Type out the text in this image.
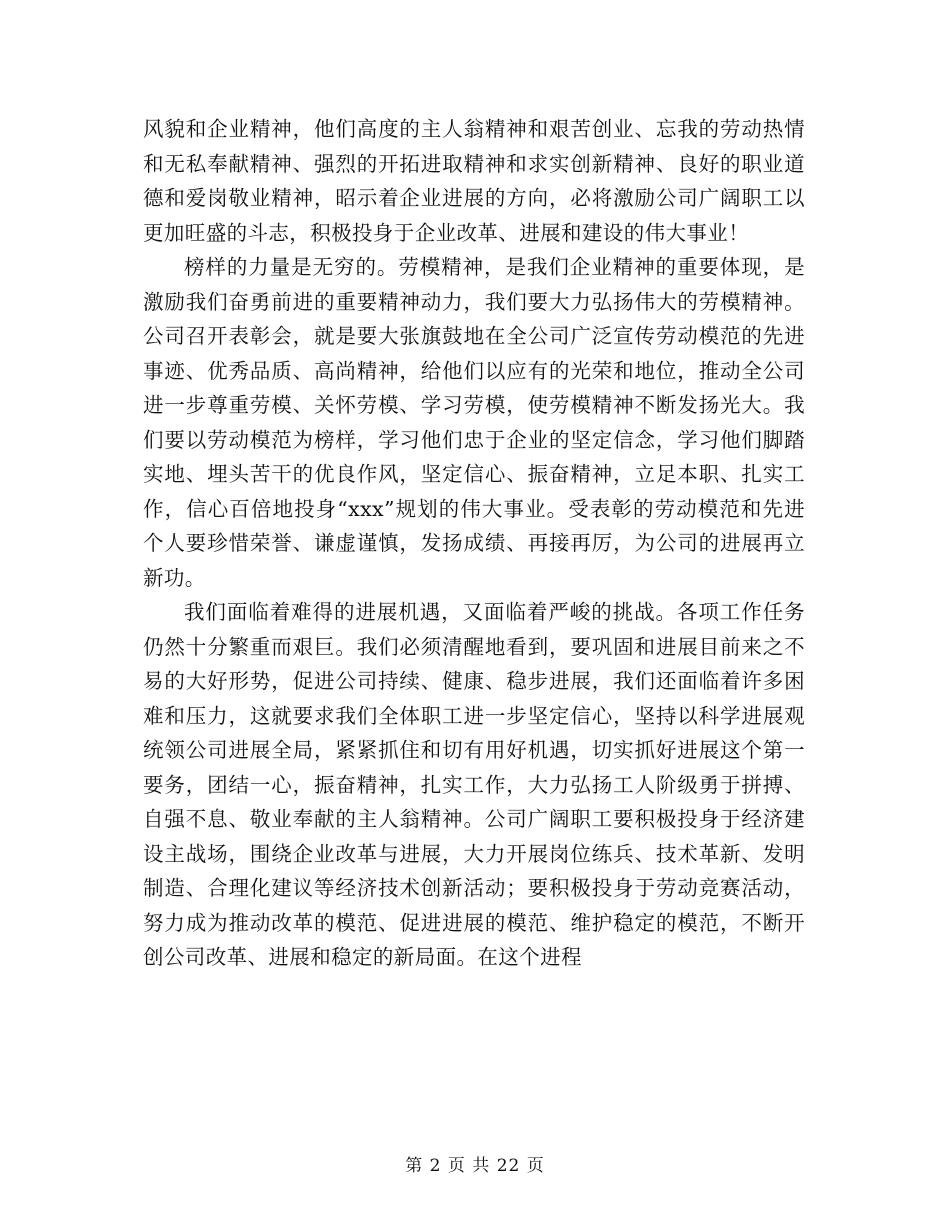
风貌和企业精神，他们高度的主人翁精神和艰苦创业、忘我的劳动热情和无私奉献精神、强烈的开拓进取精神和求实创新精神、良好的职业道德和爱岗敬业精神，昭示着企业进展的方向，必将激励公司广阔职工以更加旺盛的斗志，积极投身于企业改革、进展和建设的伟大事业！

榜样的力量是无穷的。劳模精神，是我们企业精神的重要体现，是激励我们奋勇前进的重要精神动力，我们要大力弘扬伟大的劳模精神。公司召开表彰会，就是要大张旗鼓地在全公司广泛宣传劳动模范的先进事迹、优秀品质、高尚精神，给他们以应有的光荣和地位，推动全公司进一步尊重劳模、关怀劳模、学习劳模，使劳模精神不断发扬光大。我们要以劳动模范为榜样，学习他们忠于企业的坚定信念，学习他们脚踏实地、埋头苦干的优良作风，坚定信心、振奋精神，立足本职、扎实工作，信心百倍地投身“xxx”规划的伟大事业。受表彰的劳动模范和先进个人要珍惜荣誉、谦虚谨慎，发扬成绩、再接再厉，为公司的进展再立新功。

我们面临着难得的进展机遇，又面临着严峻的挑战。各项工作任务仍然十分繁重而艰巨。我们必须清醒地看到，要巩固和进展目前来之不易的大好形势，促进公司持续、健康、稳步进展，我们还面临着许多困难和压力，这就要求我们全体职工进一步坚定信心，坚持以科学进展观统领公司进展全局，紧紧抓住和切有用好机遇，切实抓好进展这个第一要务，团结一心，振奋精神，扎实工作，大力弘扬工人阶级勇于拼搏、自强不息、敬业奉献的主人翁精神。公司广阔职工要积极投身于经济建设主战场，围绕企业改革与进展，大力开展岗位练兵、技术革新、发明制造、合理化建议等经济技术创新活动；要积极投身于劳动竞赛活动，努力成为推动改革的模范、促进进展的模范、维护稳定的模范，不断开创公司改革、进展和稳定的新局面。在这个进程

第 2 页 共 22 页
